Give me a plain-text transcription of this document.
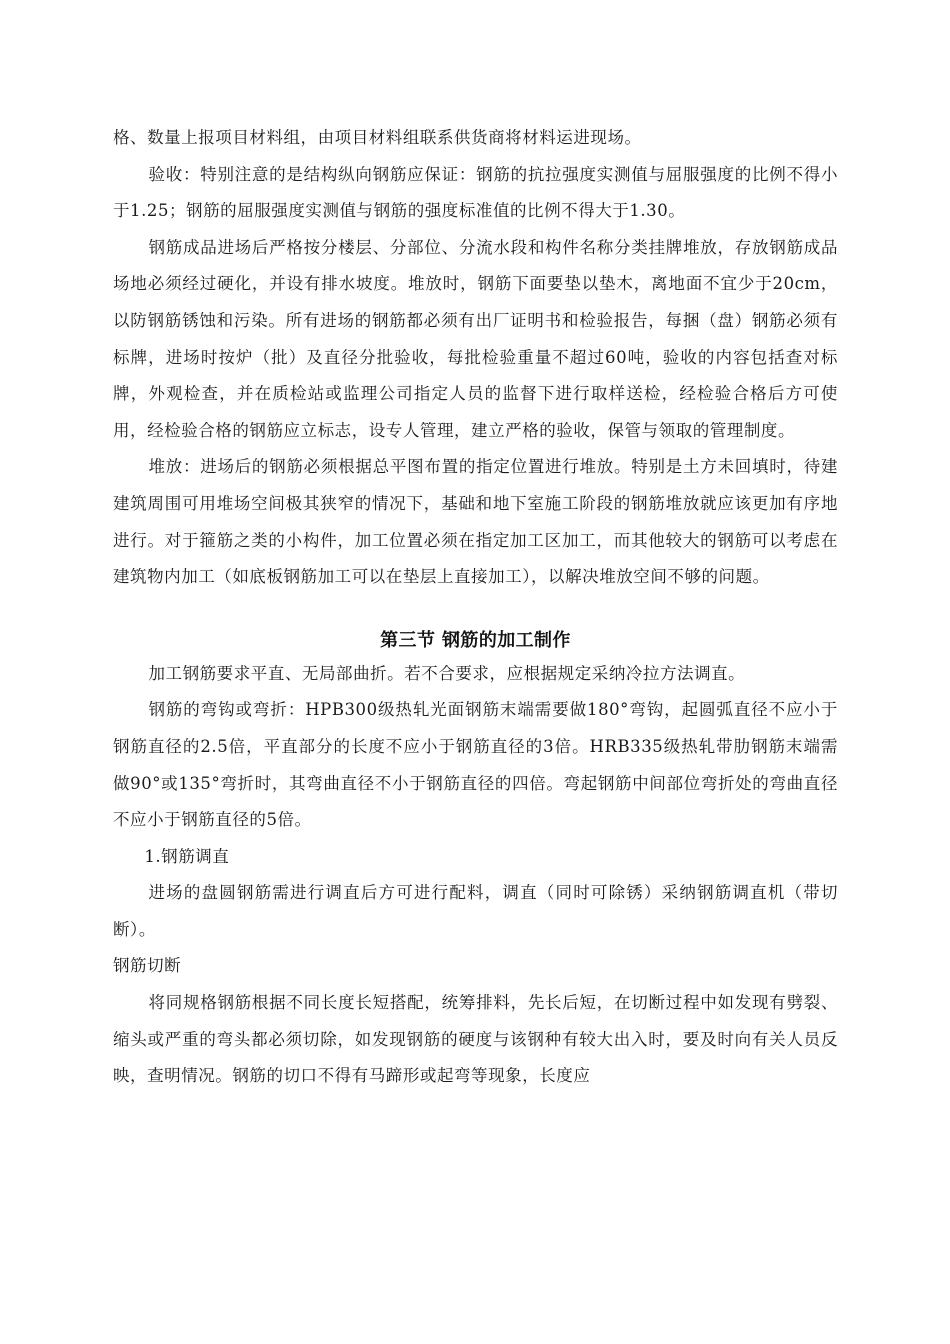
格、数量上报项目材料组，由项目材料组联系供货商将材料运进现场。

验收：特别注意的是结构纵向钢筋应保证：钢筋的抗拉强度实测值与屈服强度的比例不得小于1.25；钢筋的屈服强度实测值与钢筋的强度标准值的比例不得大于1.30。

钢筋成品进场后严格按分楼层、分部位、分流水段和构件名称分类挂牌堆放，存放钢筋成品场地必须经过硬化，并设有排水坡度。堆放时，钢筋下面要垫以垫木，离地面不宜少于20cm，以防钢筋锈蚀和污染。所有进场的钢筋都必须有出厂证明书和检验报告，每捆（盘）钢筋必须有标牌，进场时按炉（批）及直径分批验收，每批检验重量不超过60吨，验收的内容包括查对标牌，外观检查，并在质检站或监理公司指定人员的监督下进行取样送检，经检验合格后方可使用，经检验合格的钢筋应立标志，设专人管理，建立严格的验收，保管与领取的管理制度。

堆放：进场后的钢筋必须根据总平图布置的指定位置进行堆放。特别是土方未回填时，待建建筑周围可用堆场空间极其狭窄的情况下，基础和地下室施工阶段的钢筋堆放就应该更加有序地进行。对于箍筋之类的小构件，加工位置必须在指定加工区加工，而其他较大的钢筋可以考虑在建筑物内加工（如底板钢筋加工可以在垫层上直接加工），以解决堆放空间不够的问题。

第三节 钢筋的加工制作

加工钢筋要求平直、无局部曲折。若不合要求，应根据规定采纳冷拉方法调直。

钢筋的弯钩或弯折：HPB300级热轧光面钢筋末端需要做180°弯钩，起圆弧直径不应小于钢筋直径的2.5倍，平直部分的长度不应小于钢筋直径的3倍。HRB335级热轧带肋钢筋末端需做90°或135°弯折时，其弯曲直径不小于钢筋直径的四倍。弯起钢筋中间部位弯折处的弯曲直径不应小于钢筋直径的5倍。

1.钢筋调直

进场的盘圆钢筋需进行调直后方可进行配料，调直（同时可除锈）采纳钢筋调直机（带切断）。

钢筋切断

将同规格钢筋根据不同长度长短搭配，统筹排料，先长后短，在切断过程中如发现有劈裂、缩头或严重的弯头都必须切除，如发现钢筋的硬度与该钢种有较大出入时，要及时向有关人员反映，查明情况。钢筋的切口不得有马蹄形或起弯等现象，长度应
